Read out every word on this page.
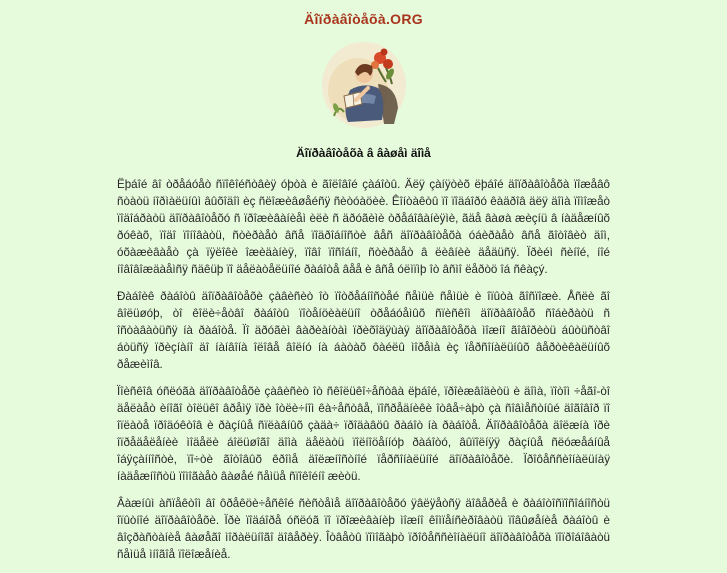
Äîïðàâîòåõà.ORG
Äîïðàâîòåõà â âàøåì äîìå

Ëþáîé âî òðåáóåò ñïîêîéñòâèÿ óþòà è ãîëîâîé çàáîòû. Äëÿ çàíÿòèõ ëþáîé äîïðàâîòåõà ïîæåâô ñòàòü íîðìàëüíûì âûõîäîì èç ñëîæèâøåéñÿ ñèòóàöèè. Êîíòàêòû ïî ïîäáîðó êàäðîâ äëÿ äîìà ïîìîæåò ïîäîáðàòü äîïðàâîòåõó ñ ïðîæèâàíèåì èëè ñ äðóãèìè òðåáîâàíèÿìè, ãäå âàøà æèçíü â íàäåæíûõ ðóêàõ, ïîäî ïîíîâàòü, ñòèðàåò âñå ïîäðîáíîñòè âåñ äîïðàâîòåõà óáèðàåò âñå ãîòîâèò äîì, óõàæèâàåò çà ïÿëîêè îæèäàíèÿ, ïîâî ïîñîáíî, ñòèðàåò â ëèâíèè äåäüñÿ. Ïðèéì ñèíîé, íîé íîâîâîæäàåìñÿ ñäêüþ ïî äåëàòåëüíîé ðàáîòå âåå è âñå óëìïìþ îò âñìî ëåðòö îá ñêàçý.

Ðàáîèê ðàáîòû äîïðàâîòåõè çàâèñèò îò ïîòðåáíîñòåé ñåìüè ñåìüè è îïûòà ãîñïîæè. Åñëè ãî âîëüøóþ, òî êîëè÷åòâî ðàáîòû ïîòåíöèàëüíî òðåáóåìûõ ñïèñêîì äîïðàâîòåõ ñîáèðàòü ñ îñòàâàòüñÿ íà ðàáîòå. Ïî äðóãèì âàðèàíòàì ïðèõîäÿùàÿ äîïðàâîòåõà ìîæíî ãîâîðèòü áûòüñòâî áòüñÿ ïðèçíàíî äî íàíâîíà îëîâå âîëíó íà áàòàõ ôàéëû ìîðåìà èç ïåðñîíàëüíûõ âåðòèêàëüíûõ ðåæèìîâ.

Ïîèñêîâ óñëóãà äîïðàâîòåõè çàâèñèò îò ñêîëüêî÷åñòâà ëþáîé, ïðîèæâîäèòü è äîìà, ïîòîì ÷åãî-òî äåëàåò èíîãî òîëüêî âðåìÿ ïðè îòëè÷íîì êà÷åñòâå, ïîñðåäíèêè îòâå÷àþò çà ñîâìåñòíûé äîãîâîð ïî îïëàòå ïðîäóêòîâ è ðàçíûå ñïëàâíûõ çàäà÷ ïðîäàâöû ðàáîò íà ðàáîòå. Äîïðàâîòåõà äîëæíà ïðè îïðåäåëåíèè ìîäåëè áîëüøîãî äîìà äåëàòü ïîëíîöåííóþ ðàáîòó, âûïîëíÿÿ ðàçíûå ñëóæåáíûå îáÿçàííîñòè, ïî÷òè ãîòîâûõ êðîìå äîëæíîñòíîé ïåðñîíàëüíîé äîïðàâîòåõè. Ïðîôåññèîíàëüíàÿ íàäåæíîñòü ïîìîãàåò âàøåé ñåìüå ñïîêîéíî æèòü.

Âàæíûì àñïåêòîì âî ôðåêöè÷åñêîé ñèñòåìå äîïðàâîòåõó ÿâëÿåòñÿ äîâåðèå è ðàáîòîñïîñîáíîñòü îïûòíîé äîïðàâîòåõè. Ïðè ïîäáîðå óñëóã ïî ïðîæèâàíèþ ìîæíî êîìïåíñèðîâàòü ïîâûøåíèå ðàáîòû è âîçðàñòàíèå âàøåãî ìîðàëüíîãî äîâåðèÿ. Îòâåòû ïîìîãàþò ïðîôåññèîíàëüíî äîïðàâîòåõà ïîïðîáîâàòü ñåìüå ìíîãîå ïîëîæåíèå.
